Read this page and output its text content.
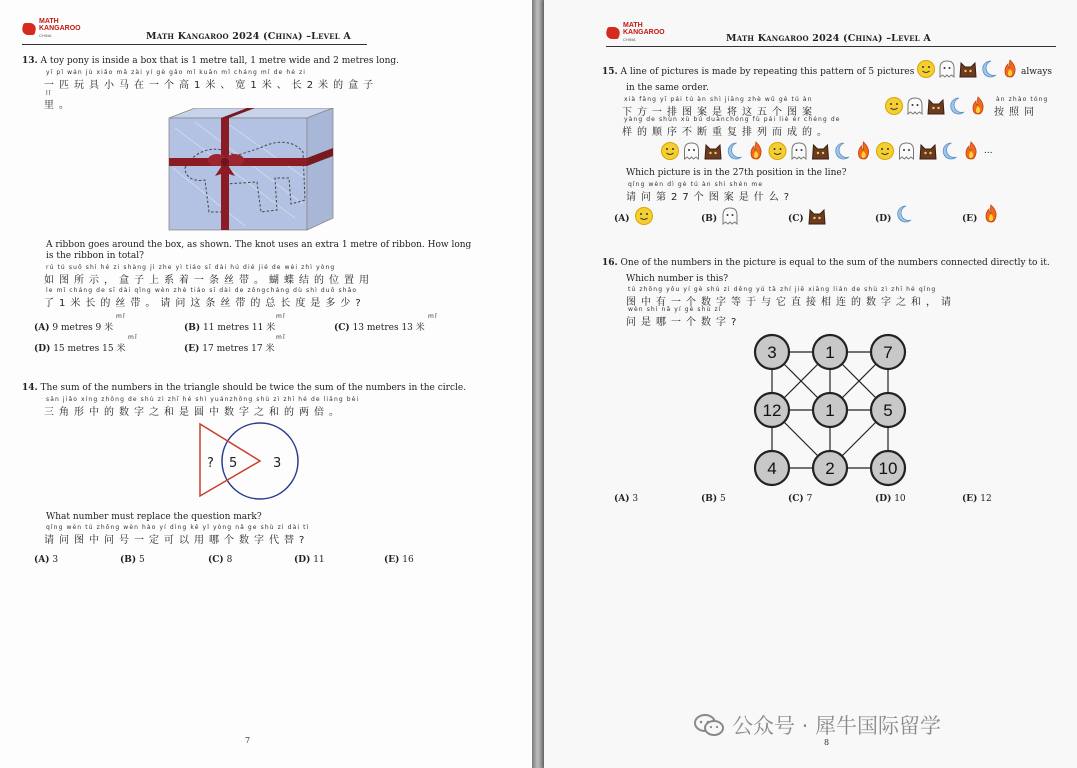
MATH
KANGAROO
CHINA	Math Kangaroo 2024 (China) –Level A
13. A toy pony is inside a box that is 1 metre tall, 1 metre wide and 2 metres long.
yī pǐ wán jù xiǎo mǎ zài yí gè gāo mǐ kuān mǐ cháng mǐ de hé zi
一匹玩具小马在一个高1米、宽1米、长2米的盒子
lǐ
里。
A ribbon goes around the box, as shown. The knot uses an extra 1 metre of ribbon. How long
is the ribbon in total?
rú tú suǒ shì hé zi shàng jì zhe yì tiáo sī dài hú dié jié de wèi zhì yòng
如图所示，盒子上系着一条丝带。蝴蝶结的位置用
le mǐ cháng de sī dài qǐng wèn zhè tiáo sī dài de zǒngcháng dù shì duō shǎo
了1米长的丝带。请问这条丝带的总长度是多少?
(A) 9 metres 9 米
mǐ
(B) 11 metres 11 米
mǐ
(C) 13 metres 13 米
mǐ
(D) 15 metres 15 米
mǐ
(E) 17 metres 17 米
mǐ
14. The sum of the numbers in the triangle should be twice the sum of the numbers in the circle.
sān jiǎo xíng zhōng de shù zì zhī hé shì yuánzhōng shù zì zhī hé de liǎng bèi
三角形中的数字之和是圆中数字之和的两倍。
? 5	3
What number must replace the question mark?
qǐng wèn tú zhōng wèn hào yí dìng kě yǐ yòng nǎ ge shù zì dài tì
请问图中问号一定可以用哪个数字代替?
(A) 3	(B) 5	(C) 8	(D) 11	(E) 16
7
MATH
KANGAROO
CHINA	Math Kangaroo 2024 (China) –Level A
15. A line of pictures is made by repeating this pattern of 5 pictures	always
in the same order.
xià fāng yī pái tú àn shì jiāng zhè wǔ gè tú àn
下方一排图案是将这五个图案
àn zhào tóng
按照同
yàng de shùn xù bú duànchóng fù pái liè ér chéng de
样的顺序不断重复排列而成的。
...
Which picture is in the 27th position in the line?
qǐng wèn dì gè tú àn shì shén me
请问第27个图案是什么?
(A)	(B)	(C)	(D)	(E)
16. One of the numbers in the picture is equal to the sum of the numbers connected directly to it.
Which number is this?
tú zhōng yǒu yí gè shù zì děng yú tā zhí jiē xiāng lián de shù zì zhī hé qǐng
图中有一个数字等于与它直接相连的数字之和，请
wèn shì nǎ yí gè shù zì
问是哪一个数字?
3	1	7
12	1	5
4	2	10
(A) 3	(B) 5	(C) 7	(D) 10	(E) 12
8
公众号 · 犀牛国际留学
